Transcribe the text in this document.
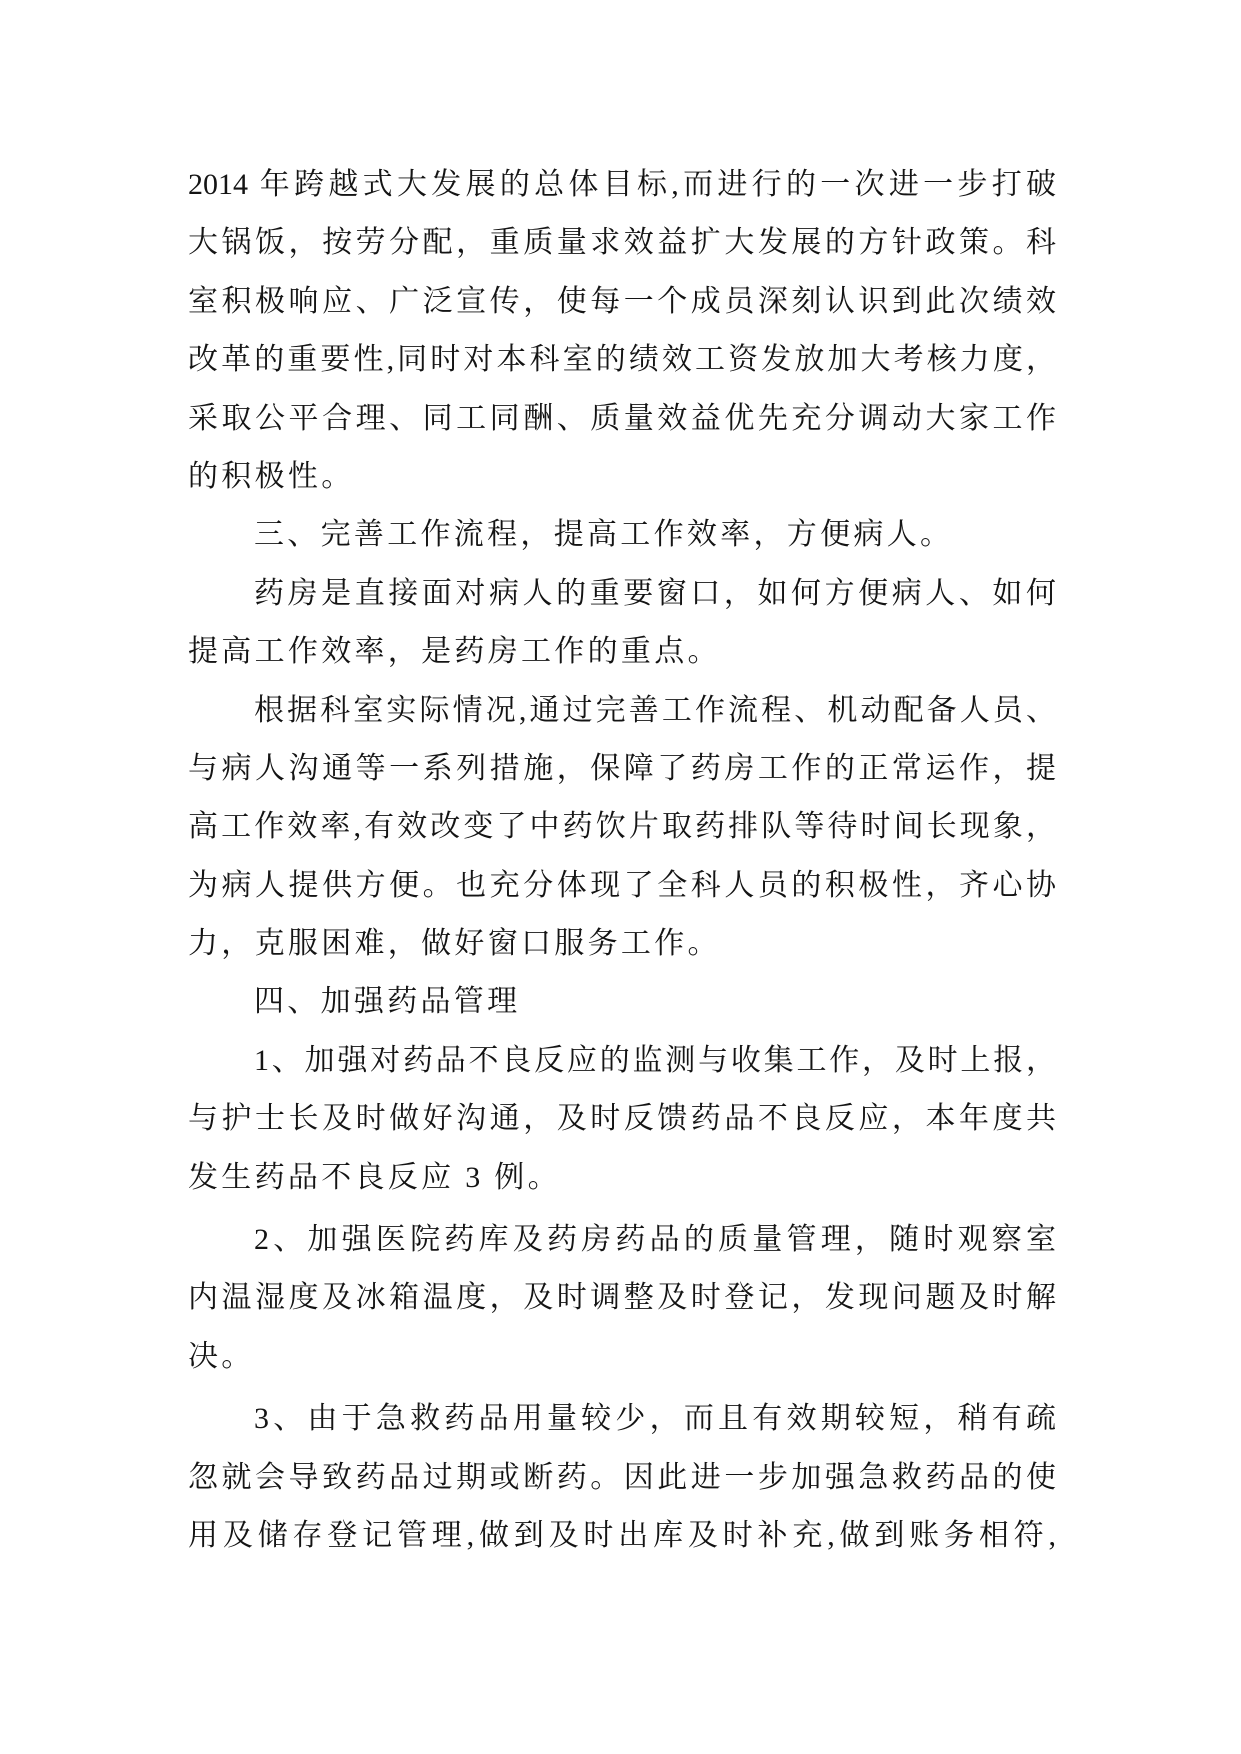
2014 年跨越式大发展的总体目标,而进行的一次进一步打破
大锅饭，按劳分配，重质量求效益扩大发展的方针政策。科
室积极响应、广泛宣传，使每一个成员深刻认识到此次绩效
改革的重要性,同时对本科室的绩效工资发放加大考核力度，
采取公平合理、同工同酬、质量效益优先充分调动大家工作
的积极性。
三、完善工作流程，提高工作效率，方便病人。
药房是直接面对病人的重要窗口，如何方便病人、如何
提高工作效率，是药房工作的重点。
根据科室实际情况,通过完善工作流程、机动配备人员、
与病人沟通等一系列措施，保障了药房工作的正常运作，提
高工作效率,有效改变了中药饮片取药排队等待时间长现象，
为病人提供方便。也充分体现了全科人员的积极性，齐心协
力，克服困难，做好窗口服务工作。
四、加强药品管理
1、加强对药品不良反应的监测与收集工作，及时上报，
与护士长及时做好沟通，及时反馈药品不良反应，本年度共
发生药品不良反应 3 例。
2、加强医院药库及药房药品的质量管理，随时观察室
内温湿度及冰箱温度，及时调整及时登记，发现问题及时解
决。
3、由于急救药品用量较少，而且有效期较短，稍有疏
忽就会导致药品过期或断药。因此进一步加强急救药品的使
用及储存登记管理,做到及时出库及时补充,做到账务相符,
